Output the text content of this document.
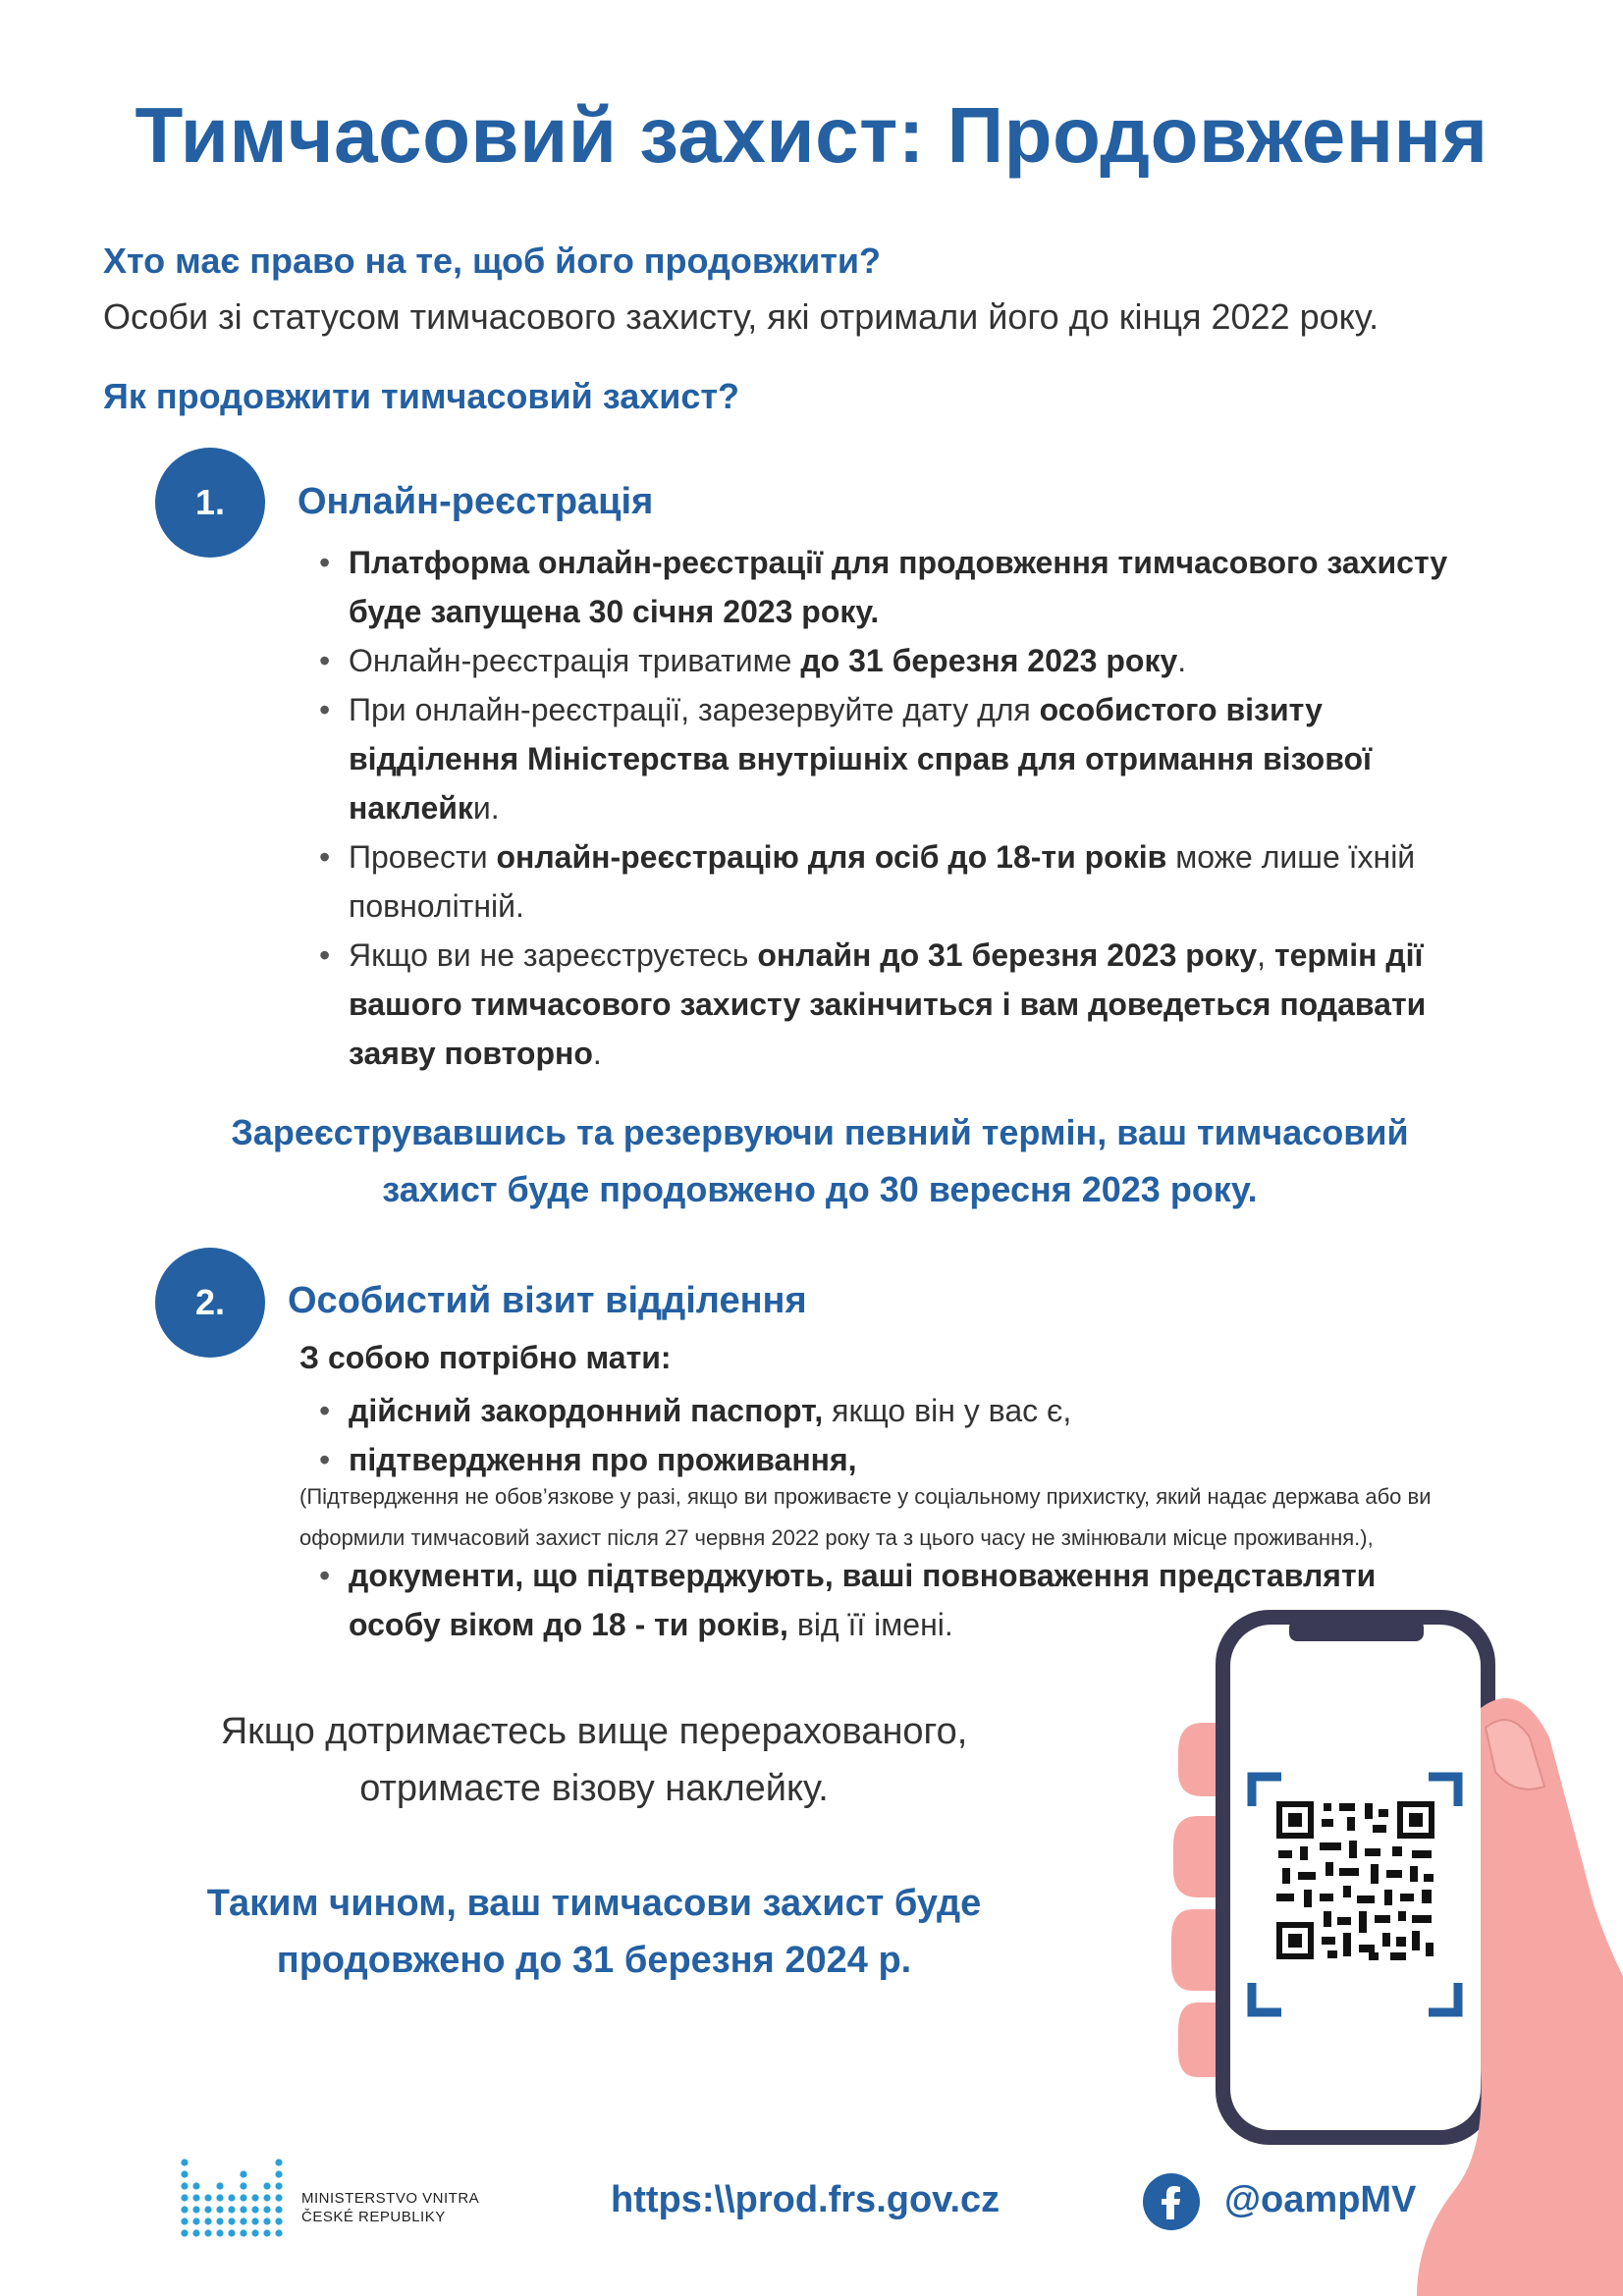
Тимчасовий захист: Продовження
Хто має право на те, щоб його продовжити?
Особи зі статусом тимчасового захисту, які отримали його до кінця 2022 року.
Як продовжити тимчасовий захист?
1.	Онлайн-реєстрація
• Платформа онлайн-реєстрації для продовження тимчасового захисту буде запущена 30 січня 2023 року.
• Онлайн-реєстрація триватиме до 31 березня 2023 року.
• При онлайн-реєстрації, зарезервуйте дату для особистого візиту відділення Міністерства внутрішніх справ для отримання візової наклейки.
• Провести онлайн-реєстрацію для осіб до 18-ти років може лише їхній повнолітній.
• Якщо ви не зареєструєтесь онлайн до 31 березня 2023 року, термін дії вашого тимчасового захисту закінчиться і вам доведеться подавати заяву повторно.
Зареєструвавшись та резервуючи певний термін, ваш тимчасовий
захист буде продовжено до 30 вересня 2023 року.
2.	Особистий візит відділення
З собою потрібно мати:
• дійсний закордонний паспорт, якщо він у вас є,
• підтвердження про проживання,
(Підтвердження не обов’язкове у разі, якщо ви проживаєте у соціальному прихистку, який надає держава або ви оформили тимчасовий захист після 27 червня 2022 року та з цього часу не змінювали місце проживання.),
• документи, що підтверджують, ваші повноваження представляти особу віком до 18 - ти років, від її імені.
Якщо дотримаєтесь вище перерахованого,
отримаєте візову наклейку.
Таким чином, ваш тимчасови захист буде
продовжено до 31 березня 2024 р.
MINISTERSTVO VNITRA
ČESKÉ REPUBLIKY	https:\\prod.frs.gov.cz	@oampMV
